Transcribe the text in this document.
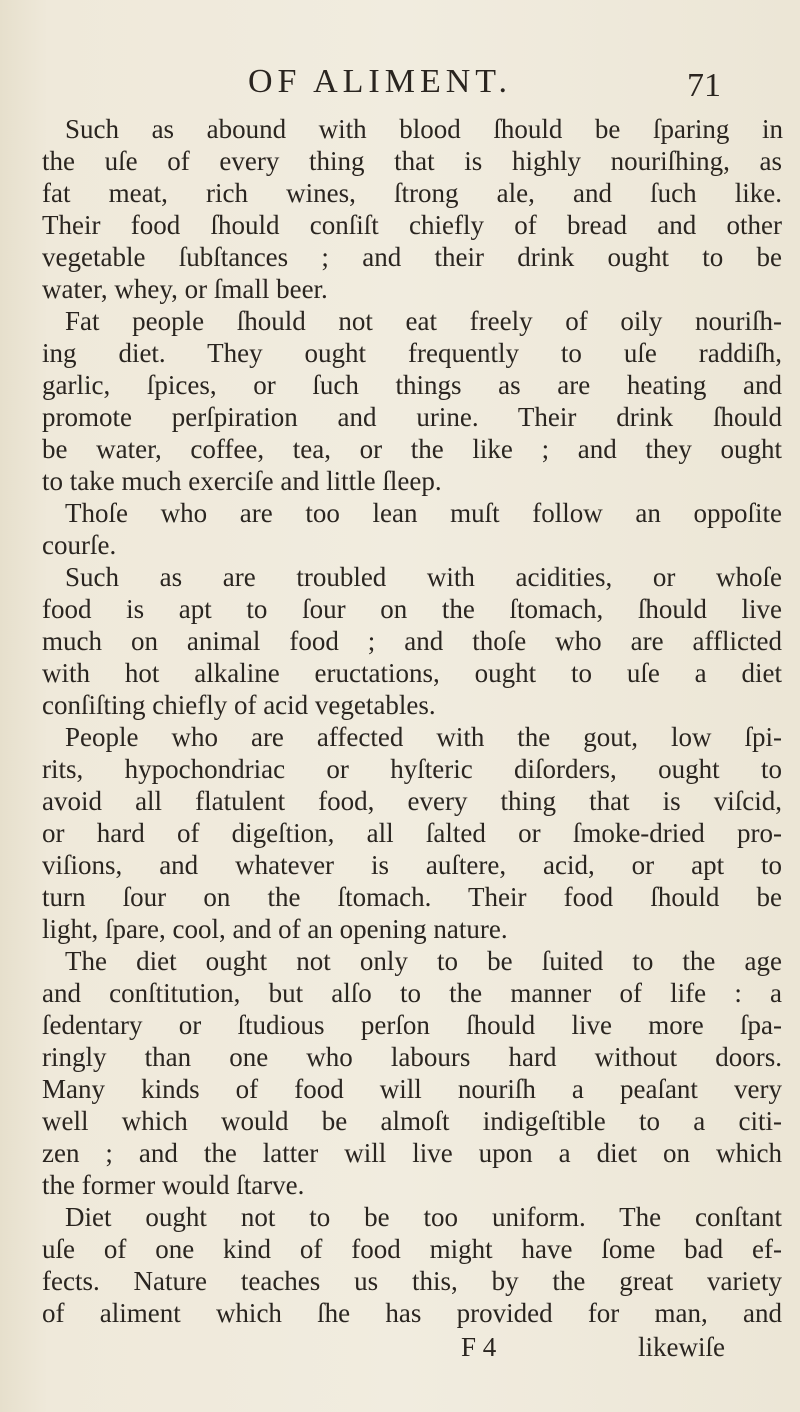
OF ALIMENT.	71
Such as abound with blood ſhould be ſparing in
the uſe of every thing that is highly nouriſhing, as
fat meat, rich wines, ſtrong ale, and ſuch like.
Their food ſhould conſiſt chiefly of bread and other
vegetable ſubſtances ; and their drink ought to be
water, whey, or ſmall beer.
Fat people ſhould not eat freely of oily nouriſh-
ing diet. They ought frequently to uſe raddiſh,
garlic, ſpices, or ſuch things as are heating and
promote perſpiration and urine. Their drink ſhould
be water, coffee, tea, or the like ; and they ought
to take much exerciſe and little ſleep.
Thoſe who are too lean muſt follow an oppoſite
courſe.
Such as are troubled with acidities, or whoſe
food is apt to ſour on the ſtomach, ſhould live
much on animal food ; and thoſe who are afflicted
with hot alkaline eructations, ought to uſe a diet
conſiſting chiefly of acid vegetables.
People who are affected with the gout, low ſpi-
rits, hypochondriac or hyſteric diſorders, ought to
avoid all flatulent food, every thing that is viſcid,
or hard of digeſtion, all ſalted or ſmoke-dried pro-
viſions, and whatever is auſtere, acid, or apt to
turn ſour on the ſtomach. Their food ſhould be
light, ſpare, cool, and of an opening nature.
The diet ought not only to be ſuited to the age
and conſtitution, but alſo to the manner of life : a
ſedentary or ſtudious perſon ſhould live more ſpa-
ringly than one who labours hard without doors.
Many kinds of food will nouriſh a peaſant very
well which would be almoſt indigeſtible to a citi-
zen ; and the latter will live upon a diet on which
the former would ſtarve.
Diet ought not to be too uniform. The conſtant
uſe of one kind of food might have ſome bad ef-
fects. Nature teaches us this, by the great variety
of aliment which ſhe has provided for man, and
F 4	likewiſe
